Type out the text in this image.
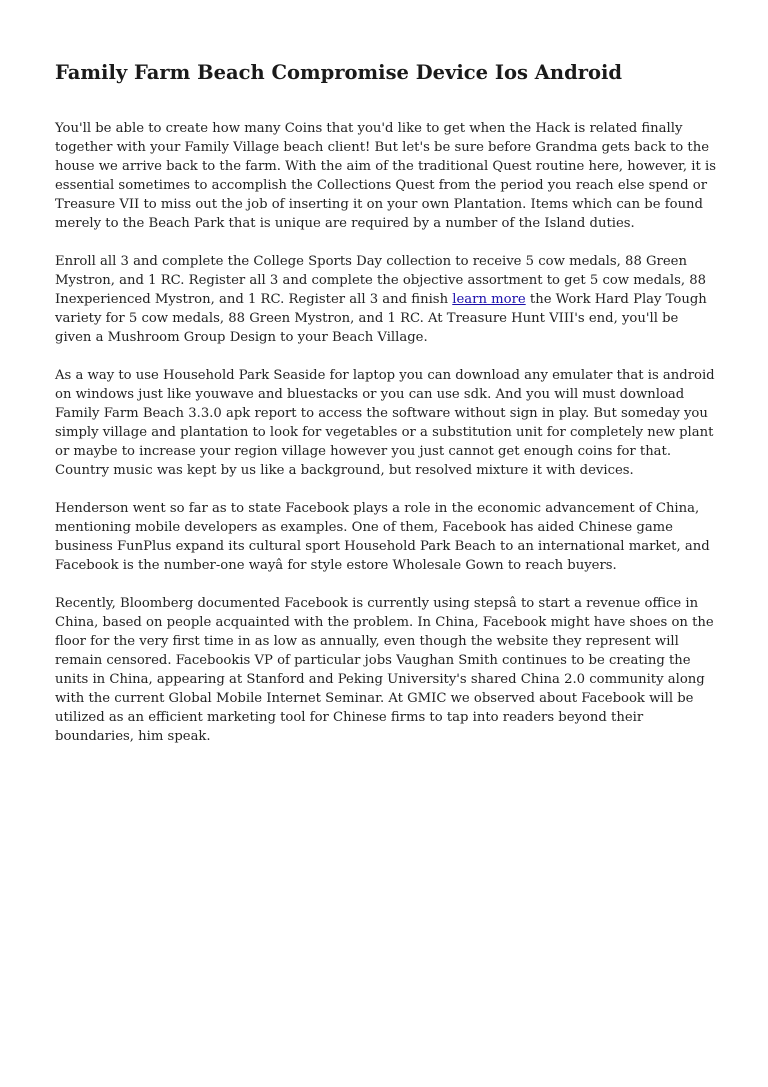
Family Farm Beach Compromise Device Ios Android

You'll be able to create how many Coins that you'd like to get when the Hack is related finally together with your Family Village beach client! But let's be sure before Grandma gets back to the house we arrive back to the farm. With the aim of the traditional Quest routine here, however, it is essential sometimes to accomplish the Collections Quest from the period you reach else spend or Treasure VII to miss out the job of inserting it on your own Plantation. Items which can be found merely to the Beach Park that is unique are required by a number of the Island duties.

Enroll all 3 and complete the College Sports Day collection to receive 5 cow medals, 88 Green Mystron, and 1 RC. Register all 3 and complete the objective assortment to get 5 cow medals, 88 Inexperienced Mystron, and 1 RC. Register all 3 and finish learn more the Work Hard Play Tough variety for 5 cow medals, 88 Green Mystron, and 1 RC. At Treasure Hunt VIII's end, you'll be given a Mushroom Group Design to your Beach Village.

As a way to use Household Park Seaside for laptop you can download any emulater that is android on windows just like youwave and bluestacks or you can use sdk. And you will must download Family Farm Beach 3.3.0 apk report to access the software without sign in play. But someday you simply village and plantation to look for vegetables or a substitution unit for completely new plant or maybe to increase your region village however you just cannot get enough coins for that. Country music was kept by us like a background, but resolved mixture it with devices.

Henderson went so far as to state Facebook plays a role in the economic advancement of China, mentioning mobile developers as examples. One of them, Facebook has aided Chinese game business FunPlus expand its cultural sport Household Park Beach to an international market, and Facebook is the number-one wayâ for style estore Wholesale Gown to reach buyers.

Recently, Bloomberg documented Facebook is currently using stepsâ to start a revenue office in China, based on people acquainted with the problem. In China, Facebook might have shoes on the floor for the very first time in as low as annually, even though the website they represent will remain censored. Facebookis VP of particular jobs Vaughan Smith continues to be creating the units in China, appearing at Stanford and Peking University's shared China 2.0 community along with the current Global Mobile Internet Seminar. At GMIC we observed about Facebook will be utilized as an efficient marketing tool for Chinese firms to tap into readers beyond their boundaries, him speak.
